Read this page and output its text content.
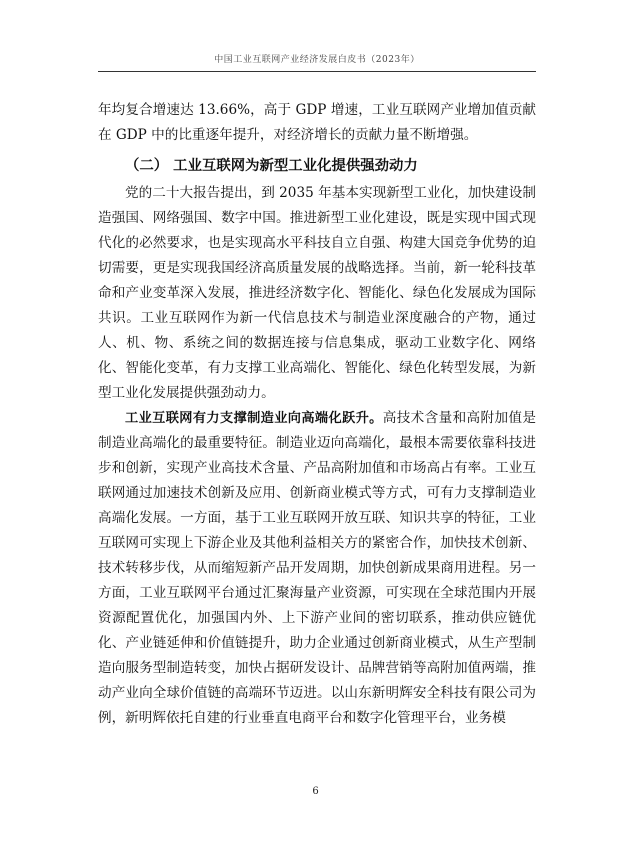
中国工业互联网产业经济发展白皮书（2023年）

年均复合增速达 13.66%，高于 GDP 增速，工业互联网产业增加值贡献在 GDP 中的比重逐年提升，对经济增长的贡献力量不断增强。

（二） 工业互联网为新型工业化提供强劲动力

党的二十大报告提出，到 2035 年基本实现新型工业化，加快建设制造强国、网络强国、数字中国。推进新型工业化建设，既是实现中国式现代化的必然要求，也是实现高水平科技自立自强、构建大国竞争优势的迫切需要，更是实现我国经济高质量发展的战略选择。当前，新一轮科技革命和产业变革深入发展，推进经济数字化、智能化、绿色化发展成为国际共识。工业互联网作为新一代信息技术与制造业深度融合的产物，通过人、机、物、系统之间的数据连接与信息集成，驱动工业数字化、网络化、智能化变革，有力支撑工业高端化、智能化、绿色化转型发展，为新型工业化发展提供强劲动力。

工业互联网有力支撑制造业向高端化跃升。高技术含量和高附加值是制造业高端化的最重要特征。制造业迈向高端化，最根本需要依靠科技进步和创新，实现产业高技术含量、产品高附加值和市场高占有率。工业互联网通过加速技术创新及应用、创新商业模式等方式，可有力支撑制造业高端化发展。一方面，基于工业互联网开放互联、知识共享的特征，工业互联网可实现上下游企业及其他利益相关方的紧密合作，加快技术创新、技术转移步伐，从而缩短新产品开发周期，加快创新成果商用进程。另一方面，工业互联网平台通过汇聚海量产业资源，可实现在全球范围内开展资源配置优化，加强国内外、上下游产业间的密切联系，推动供应链优化、产业链延伸和价值链提升，助力企业通过创新商业模式，从生产型制造向服务型制造转变，加快占据研发设计、品牌营销等高附加值两端，推动产业向全球价值链的高端环节迈进。以山东新明辉安全科技有限公司为例，新明辉依托自建的行业垂直电商平台和数字化管理平台，业务模

6
